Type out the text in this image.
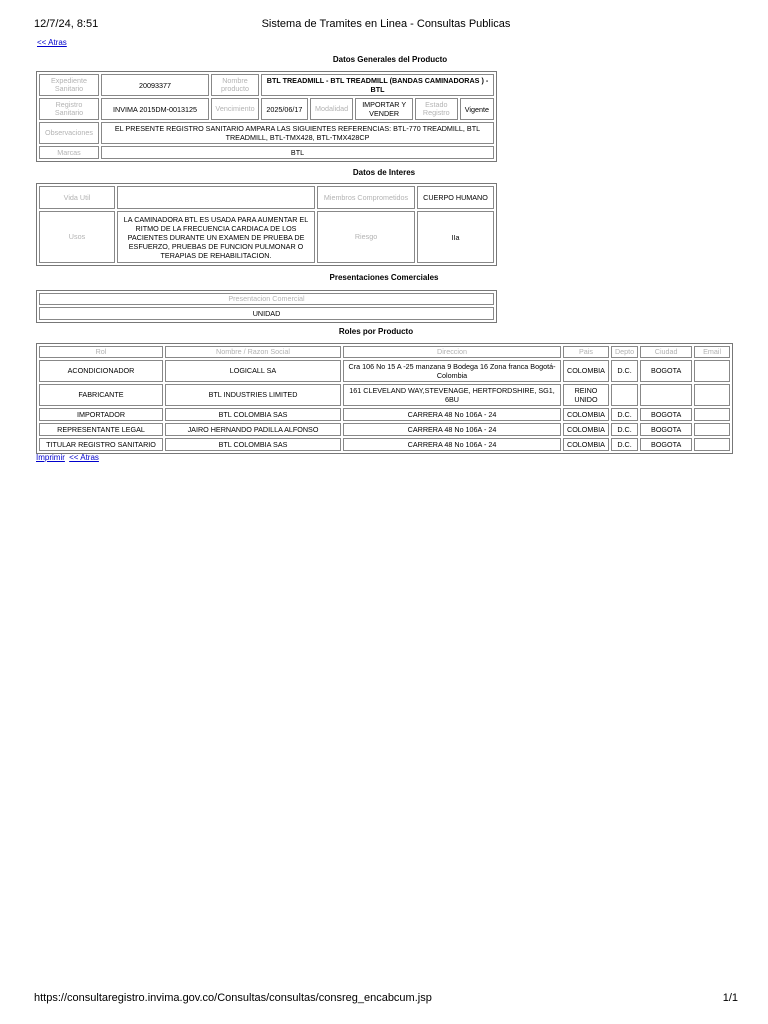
12/7/24, 8:51	Sistema de Tramites en Linea - Consultas Publicas
<< Atras
Datos Generales del Producto
Expediente Sanitario	20093377	Nombre producto	BTL TREADMILL - BTL TREADMILL (BANDAS CAMINADORAS ) - BTL				
Registro Sanitario	INVIMA 2015DM-0013125	Vencimiento	2025/06/17	Modalidad	IMPORTAR Y VENDER	Estado Registro	Vigente
Observaciones	EL PRESENTE REGISTRO SANITARIO AMPARA LAS SIGUIENTES REFERENCIAS: BTL-770 TREADMILL, BTL TREADMILL, BTL-TMX428, BTL-TMX428CP						
Marcas	BTL						
Datos de Interes
Vida Util		Miembros Comprometidos	CUERPO HUMANO
Usos	LA CAMINADORA BTL ES USADA PARA AUMENTAR EL RITMO DE LA FRECUENCIA CARDIACA DE LOS PACIENTES DURANTE UN EXAMEN DE PRUEBA DE ESFUERZO, PRUEBAS DE FUNCION PULMONAR O TERAPIAS DE REHABILITACION.	Riesgo	IIa
Presentaciones Comerciales
Presentacion Comercial
UNIDAD
Roles por Producto
Rol	Nombre / Razon Social	Direccion	Pais	Depto	Ciudad	Email
ACONDICIONADOR	LOGICALL SA	Cra 106 No 15 A -25 manzana 9 Bodega 16 Zona franca Bogotá-Colombia	COLOMBIA	D.C.	BOGOTA	
FABRICANTE	BTL INDUSTRIES LIMITED	161 CLEVELAND WAY,STEVENAGE, HERTFORDSHIRE, SG1, 6BU	REINO UNIDO			
IMPORTADOR	BTL COLOMBIA SAS	CARRERA 48 No 106A - 24	COLOMBIA	D.C.	BOGOTA	
REPRESENTANTE LEGAL	JAIRO HERNANDO PADILLA ALFONSO	CARRERA 48 No 106A - 24	COLOMBIA	D.C.	BOGOTA	
TITULAR REGISTRO SANITARIO	BTL COLOMBIA SAS	CARRERA 48 No 106A - 24	COLOMBIA	D.C.	BOGOTA	
Imprimir << Atras
https://consultaregistro.invima.gov.co/Consultas/consultas/consreg_encabcum.jsp	1/1
